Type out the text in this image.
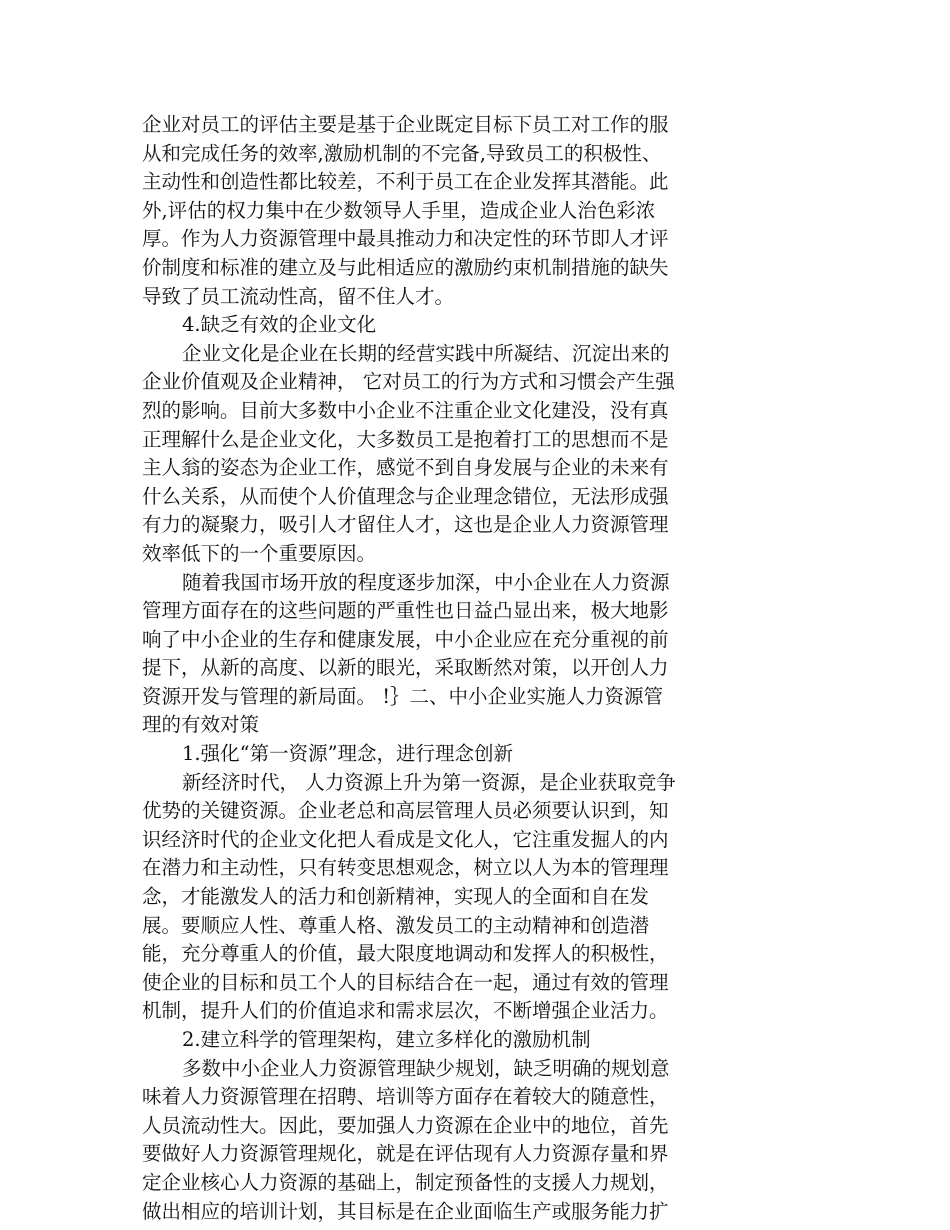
企业对员工的评估主要是基于企业既定目标下员工对工作的服
从和完成任务的效率,激励机制的不完备,导致员工的积极性、
主动性和创造性都比较差，不利于员工在企业发挥其潜能。此
外,评估的权力集中在少数领导人手里，造成企业人治色彩浓
厚。作为人力资源管理中最具推动力和决定性的环节即人才评
价制度和标准的建立及与此相适应的激励约束机制措施的缺失
导致了员工流动性高，留不住人才。
4.缺乏有效的企业文化
企业文化是企业在长期的经营实践中所凝结、沉淀出来的
企业价值观及企业精神， 它对员工的行为方式和习惯会产生强
烈的影响。目前大多数中小企业不注重企业文化建没，没有真
正理解什么是企业文化，大多数员工是抱着打工的思想而不是
主人翁的姿态为企业工作，感觉不到自身发展与企业的未来有
什么关系，从而使个人价值理念与企业理念错位，无法形成强
有力的凝聚力，吸引人才留住人才，这也是企业人力资源管理
效率低下的一个重要原因。
随着我国市场开放的程度逐步加深，中小企业在人力资源
管理方面存在的这些问题的严重性也日益凸显出来，极大地影
响了中小企业的生存和健康发展，中小企业应在充分重视的前
提下，从新的高度、以新的眼光，采取断然对策，以开创人力
资源开发与管理的新局面。 !｝二、中小企业实施人力资源管
理的有效对策
1.强化“第一资源”理念，进行理念创新
新经济时代， 人力资源上升为第一资源，是企业获取竞争
优势的关键资源。企业老总和高层管理人员必须要认识到，知
识经济时代的企业文化把人看成是文化人，它注重发掘人的内
在潜力和主动性，只有转变思想观念，树立以人为本的管理理
念，才能激发人的活力和创新精神，实现人的全面和自在发
展。要顺应人性、尊重人格、激发员工的主动精神和创造潜
能，充分尊重人的价值，最大限度地调动和发挥人的积极性，
使企业的目标和员工个人的目标结合在一起，通过有效的管理
机制，提升人们的价值追求和需求层次，不断增强企业活力。
2.建立科学的管理架构，建立多样化的激励机制
多数中小企业人力资源管理缺少规划，缺乏明确的规划意
味着人力资源管理在招聘、培训等方面存在着较大的随意性，
人员流动性大。因此，要加强人力资源在企业中的地位，首先
要做好人力资源管理规化，就是在评估现有人力资源存量和界
定企业核心人力资源的基础上，制定预备性的支援人力规划，
做出相应的培训计划，其目标是在企业面临生产或服务能力扩
